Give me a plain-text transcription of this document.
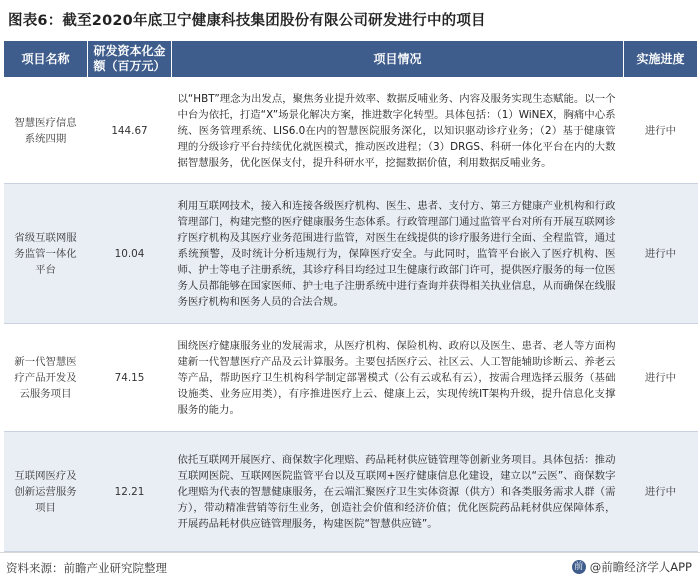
图表6：截至2020年底卫宁健康科技集团股份有限公司研发进行中的项目
项目名称	研发资本化金额（百万元）	项目情况	实施进度
智慧医疗信息系统四期	144.67	以“HBT”理念为出发点，聚焦务业提升效率、数据反哺业务、内容及服务实现生态赋能。以一个中台为依托，打造“X”场景化解决方案，推进数字化转型。具体包括：（1）WiNEX，胸痛中心系统、医务管理系统、LIS6.0在内的智慧医院服务深化，以知识驱动诊疗业务；（2）基于健康管理的分级诊疗平台持续优化就医模式，推动医改进程；（3）DRGS、科研一体化平台在内的大数据智慧服务，优化医保支付，提升科研水平，挖掘数据价值，利用数据反哺业务。	进行中
省级互联网服务监管一体化平台	10.04	利用互联网技术，接入和连接各级医疗机构、医生、患者、支付方、第三方健康产业机构和行政管理部门，构建完整的医疗健康服务生态体系。行政管理部门通过监管平台对所有开展互联网诊疗医疗机构及其医疗业务范围进行监管，对医生在线提供的诊疗服务进行全面、全程监管，通过系统预警，及时统计分析违规行为，保障医疗安全。与此同时，监管平台嵌入了医疗机构、医师、护士等电子注册系统，其诊疗科目均经过卫生健康行政部门许可，提供医疗服务的每一位医务人员都能够在国家医师、护士电子注册系统中进行查询并获得相关执业信息，从而确保在线服务医疗机构和医务人员的合法合规。	进行中
新一代智慧医疗产品开发及云服务项目	74.15	围绕医疗健康服务业的发展需求，从医疗机构、保险机构、政府以及医生、患者、老人等方面构建新一代智慧医疗产品及云计算服务。主要包括医疗云、社区云、人工智能辅助诊断云、养老云等产品，帮助医疗卫生机构科学制定部署模式（公有云或私有云），按需合理选择云服务（基础设施类、业务应用类），有序推进医疗上云、健康上云，实现传统IT架构升级，提升信息化支撑服务的能力。	进行中
互联网医疗及创新运营服务项目	12.21	依托互联网开展医疗、商保数字化理赔、药品耗材供应链管理等创新业务项目。具体包括：推动互联网医院、互联网医院监管平台以及互联网+医疗健康信息化建设，建立以“云医”、商保数字化理赔为代表的智慧健康服务，在云端汇聚医疗卫生实体资源（供方）和各类服务需求人群（需方），带动精准营销等衍生业务，创造社会价值和经济价值；优化医院药品耗材供应保障体系，开展药品耗材供应链管理服务，构建医院“智慧供应链”。	进行中
资料来源：前瞻产业研究院整理	前 @前瞻经济学人APP
